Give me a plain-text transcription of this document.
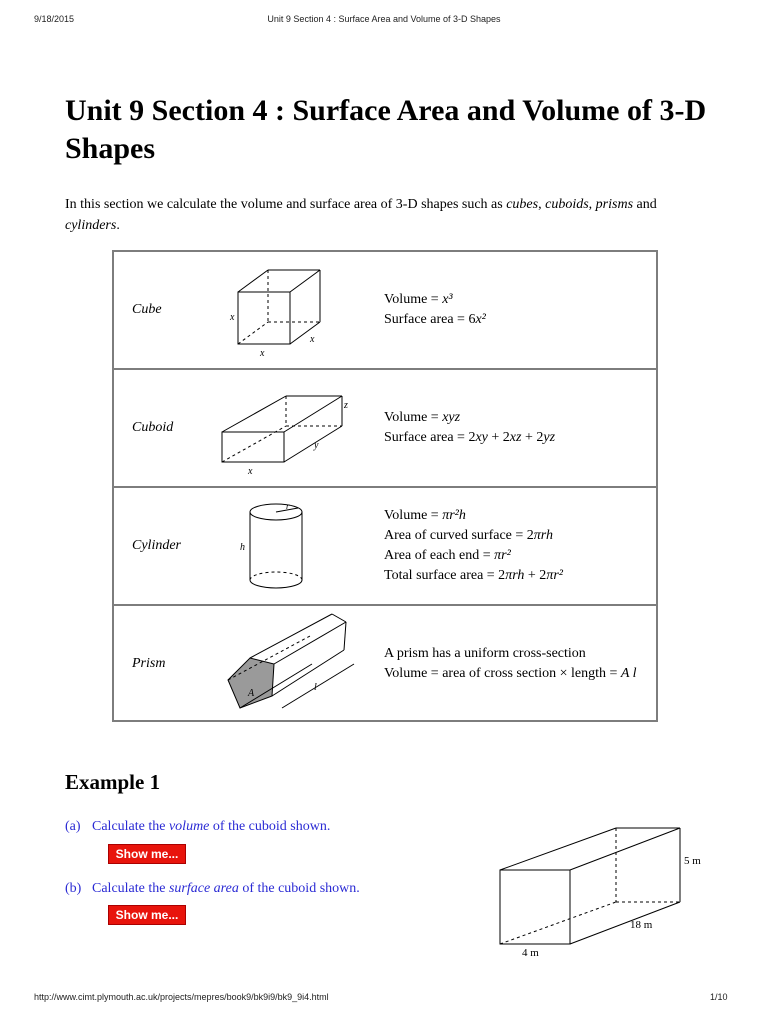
9/18/2015	Unit 9 Section 4 : Surface Area and Volume of 3-D Shapes
http://www.cimt.plymouth.ac.uk/projects/mepres/book9/bk9i9/bk9_9i4.html	1/10
Unit 9 Section 4 : Surface Area and Volume of 3-D Shapes

In this section we calculate the volume and surface area of 3-D shapes such as cubes, cuboids, prisms and cylinders.

Cube
x
x
x
Volume = x³
Surface area = 6x²
Cuboid
x
y
z
Volume = xyz
Surface area = 2xy + 2xz + 2yz
Cylinder	h
r
Volume = πr²h
Area of curved surface = 2πrh
Area of each end = πr²
Total surface area = 2πrh + 2πr²
Prism
A
l
A prism has a uniform cross-section
Volume = area of cross section × length = A l
Example 1
(a) Calculate the volume of the cuboid shown.
Show me...
(b) Calculate the surface area of the cuboid shown.
Show me...
5 m
18 m
4 m
